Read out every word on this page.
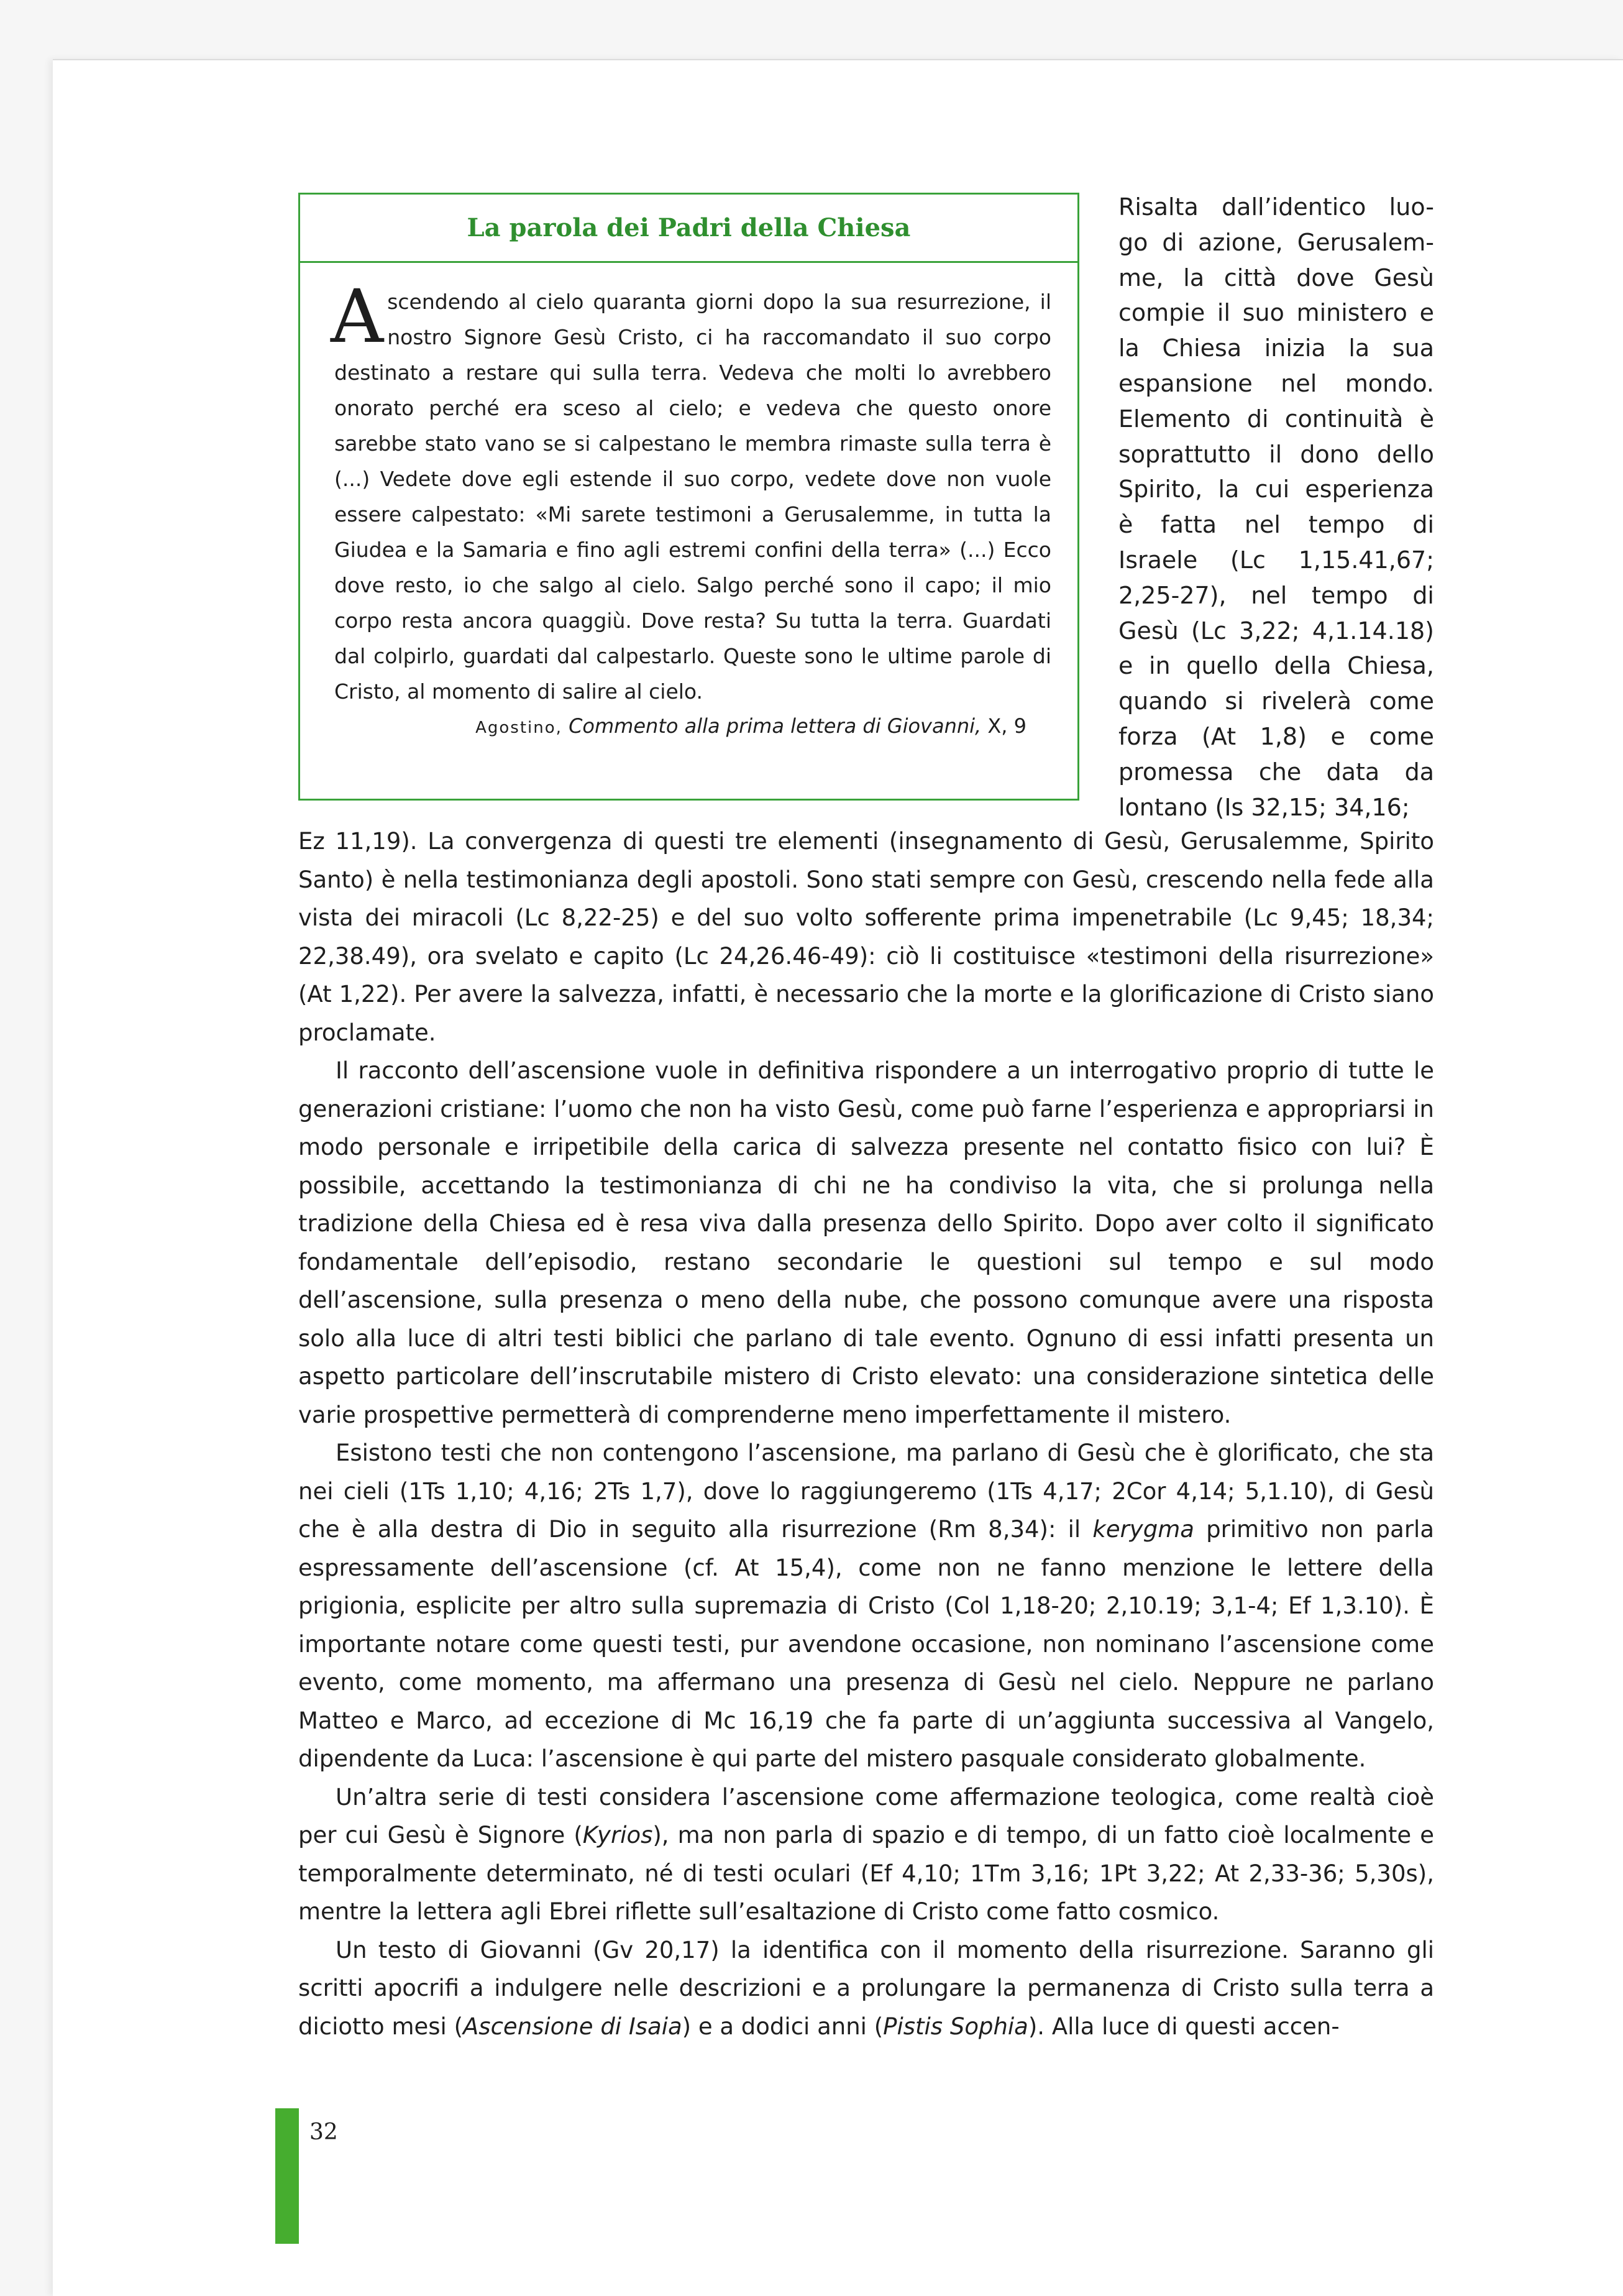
La parola dei Padri della Chiesa

Ascendendo al cielo quaranta giorni dopo la sua resurrezione, il nostro Signore Gesù Cristo, ci ha raccomandato il suo corpo destinato a restare qui sulla terra. Vedeva che molti lo avrebbero onorato perché era sceso al cielo; e vedeva che questo onore sarebbe stato vano se si calpestano le membra rimaste sulla terra è (...) Vedete dove egli estende il suo corpo, vedete dove non vuole essere calpestato: «Mi sarete testimoni a Gerusalemme, in tutta la Giudea e la Samaria e fino agli estremi confini della terra» (...) Ecco dove resto, io che salgo al cielo. Salgo perché sono il capo; il mio corpo resta ancora quaggiù. Dove resta? Su tutta la terra. Guardati dal colpirlo, guardati dal calpestarlo. Queste sono le ultime parole di Cristo, al momento di salire al cielo.

Agostino, Commento alla prima lettera di Giovanni, X, 9
Risalta dall’identico luo-
go di azione, Gerusalem-
me, la città dove Gesù
compie il suo ministero e
la Chiesa inizia la sua
espansione nel mondo.
Elemento di continuità è
soprattutto il dono dello
Spirito, la cui esperienza
è fatta nel tempo di
Israele (Lc 1,15.41,67;
2,25-27), nel tempo di
Gesù (Lc 3,22; 4,1.14.18)
e in quello della Chiesa,
quando si rivelerà come
forza (At 1,8) e come
promessa che data da
lontano (Is 32,15; 34,16;

Ez 11,19). La convergenza di questi tre elementi (insegnamento di Gesù, Gerusalemme, Spirito Santo) è nella testimonianza degli apostoli. Sono stati sempre con Gesù, crescendo nella fede alla vista dei miracoli (Lc 8,22-25) e del suo volto sofferente prima impenetrabile (Lc 9,45; 18,34; 22,38.49), ora svelato e capito (Lc 24,26.46-49): ciò li costituisce «testimoni della risurrezione» (At 1,22). Per avere la salvezza, infatti, è necessario che la morte e la glorificazione di Cristo siano proclamate.

Il racconto dell’ascensione vuole in definitiva rispondere a un interrogativo proprio di tutte le generazioni cristiane: l’uomo che non ha visto Gesù, come può farne l’esperienza e appropriarsi in modo personale e irripetibile della carica di salvezza presente nel contatto fisico con lui? È possibile, accettando la testimonianza di chi ne ha condiviso la vita, che si prolunga nella tradizione della Chiesa ed è resa viva dalla presenza dello Spirito. Dopo aver colto il significato fondamentale dell’episodio, restano secondarie le questioni sul tempo e sul modo dell’ascensione, sulla presenza o meno della nube, che possono comunque avere una risposta solo alla luce di altri testi biblici che parlano di tale evento. Ognuno di essi infatti presenta un aspetto particolare dell’inscrutabile mistero di Cristo elevato: una considerazione sintetica delle varie prospettive permetterà di comprenderne meno imperfettamente il mistero.

Esistono testi che non contengono l’ascensione, ma parlano di Gesù che è glorificato, che sta nei cieli (1Ts 1,10; 4,16; 2Ts 1,7), dove lo raggiungeremo (1Ts 4,17; 2Cor 4,14; 5,1.10), di Gesù che è alla destra di Dio in seguito alla risurrezione (Rm 8,34): il kerygma primitivo non parla espressamente dell’ascensione (cf. At 15,4), come non ne fanno menzione le lettere della prigionia, esplicite per altro sulla supremazia di Cristo (Col 1,18-20; 2,10.19; 3,1-4; Ef 1,3.10). È importante notare come questi testi, pur avendone occasione, non nominano l’ascensione come evento, come momento, ma affermano una presenza di Gesù nel cielo. Neppure ne parlano Matteo e Marco, ad eccezione di Mc 16,19 che fa parte di un’aggiunta successiva al Vangelo, dipendente da Luca: l’ascensione è qui parte del mistero pasquale considerato globalmente.

Un’altra serie di testi considera l’ascensione come affermazione teologica, come realtà cioè per cui Gesù è Signore (Kyrios), ma non parla di spazio e di tempo, di un fatto cioè localmente e temporalmente determinato, né di testi oculari (Ef 4,10; 1Tm 3,16; 1Pt 3,22; At 2,33-36; 5,30s), mentre la lettera agli Ebrei riflette sull’esaltazione di Cristo come fatto cosmico.

Un testo di Giovanni (Gv 20,17) la identifica con il momento della risurrezione. Saranno gli scritti apocrifi a indulgere nelle descrizioni e a prolungare la permanenza di Cristo sulla terra a diciotto mesi (Ascensione di Isaia) e a dodici anni (Pistis Sophia). Alla luce di questi accen-

32
